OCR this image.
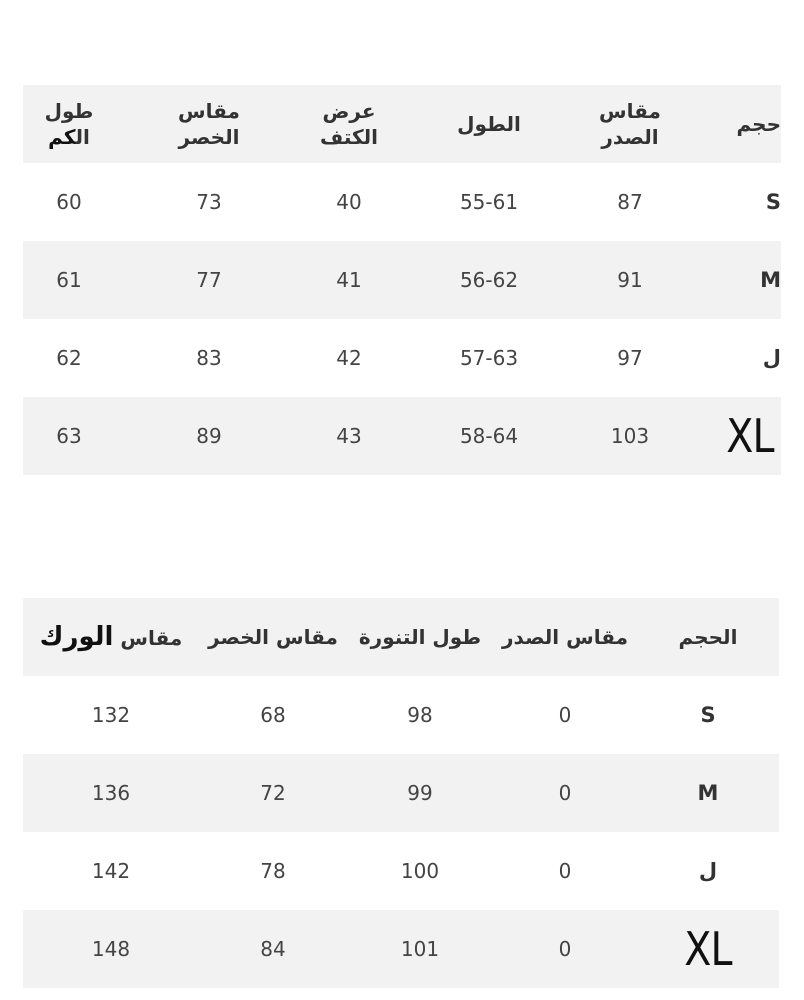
طول الكم	مقاس الخصر	عرض الكتف	الطول	مقاس الصدر	حجم
60	73	40	55-61	87	S
61	77	41	56-62	91	M
62	83	42	57-63	97	ل
63	89	43	58-64	103	XL
مقاس الورك	مقاس الخصر	طول التنورة	مقاس الصدر	الحجم
132	68	98	0	S
136	72	99	0	M
142	78	100	0	ل
148	84	101	0	XL
